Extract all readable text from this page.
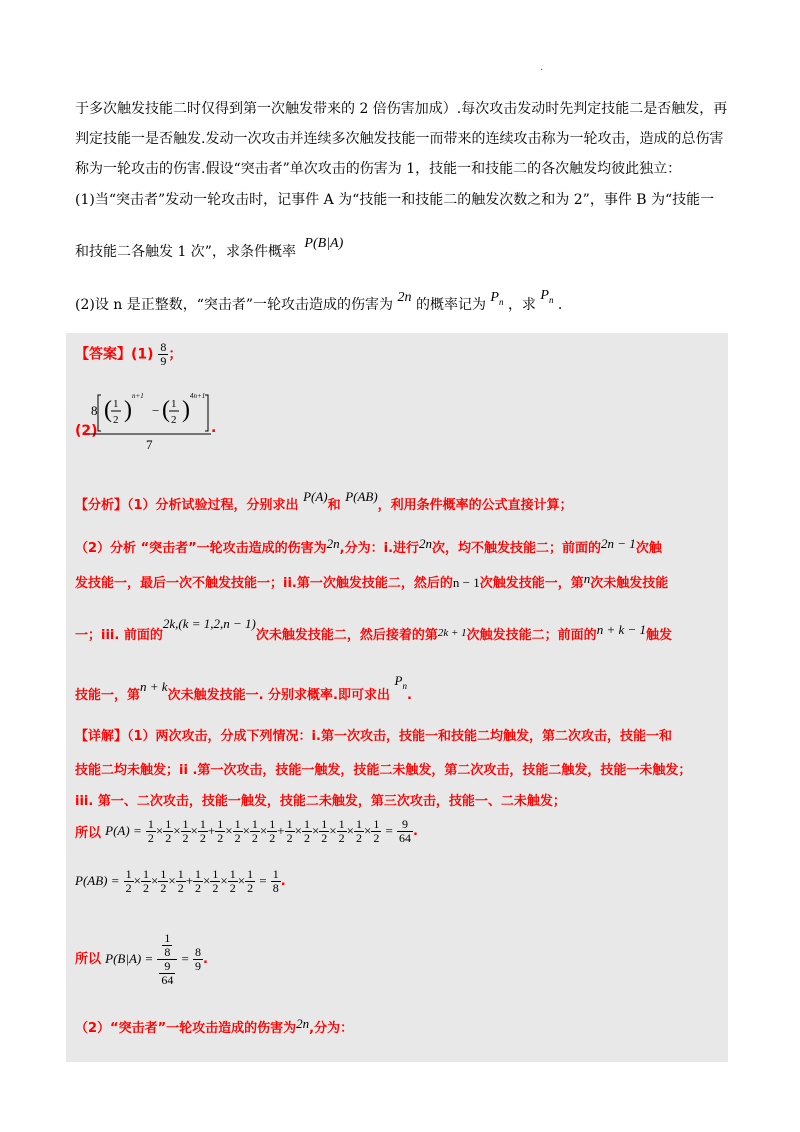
.
于多次触发技能二时仅得到第一次触发带来的 2 倍伤害加成）.每次攻击发动时先判定技能二是否触发，再
判定技能一是否触发.发动一次攻击并连续多次触发技能一而带来的连续攻击称为一轮攻击，造成的总伤害
称为一轮攻击的伤害.假设“突击者”单次攻击的伤害为 1，技能一和技能二的各次触发均彼此独立：
(1)当“突击者”发动一轮攻击时，记事件 A 为“技能一和技能二的触发次数之和为 2”，事件 B 为“技能一
和技能二各触发 1 次”，求条件概率 P(B|A)
(2)设 n 是正整数，“突击者”一轮攻击造成的伤害为 2n 的概率记为 $P_n$ ，求 $P_n$ .
【答案】$(1) \frac{8}{9}$ ；
(2)
8 ( 1
2 )
n+1
− ( 1
2 )
4n+1
7
.
【分析】（1）分析试验过程，分别求出 P(A)和 P(AB)，利用条件概率的公式直接计算；
（2）分析 “突击者”一轮攻击造成的伤害为2n,分为：i.进行2n次，均不触发技能二；前面的2n − 1次触
发技能一，最后一次不触发技能一；ii.第一次触发技能二，然后的n − 1次触发技能一，第n次未触发技能
一；iii. 前面的2k,(k = 1,2,n − 1)次未触发技能二，然后接着的第$^{2k + 1}$次触发技能二；前面的n + k − 1触发
技能一，第n + k次未触发技能一. 分别求概率.即可求出 $P_n$.
【详解】（1）两次攻击，分成下列情况：i.第一次攻击，技能一和技能二均触发，第二次攻击，技能一和
技能二均未触发；ii .第一次攻击，技能一触发，技能二未触发，第二次攻击，技能二触发，技能一未触发；
iii. 第一、二次攻击，技能一触发，技能二未触发，第三次攻击，技能一、二未触发；
所以 $P(A) = \frac{1}{2} \times \frac{1}{2} \times \frac{1}{2} \times \frac{1}{2} + \frac{1}{2} \times \frac{1}{2} \times \frac{1}{2} \times \frac{1}{2} + \frac{1}{2} \times \frac{1}{2} \times \frac{1}{2} \times \frac{1}{2} \times \frac{1}{2} \times \frac{1}{2} = \frac{9}{64}$ .
$P(AB) = \frac{1}{2} \times \frac{1}{2} \times \frac{1}{2} \times \frac{1}{2} + \frac{1}{2} \times \frac{1}{2} \times \frac{1}{2} \times \frac{1}{2} = \frac{1}{8}$ .
所以 $P(B|A) = \frac{\frac{1}{8}}{\frac{9}{64}} = \frac{8}{9}$ .
（2）“突击者”一轮攻击造成的伤害为2n,分为：
